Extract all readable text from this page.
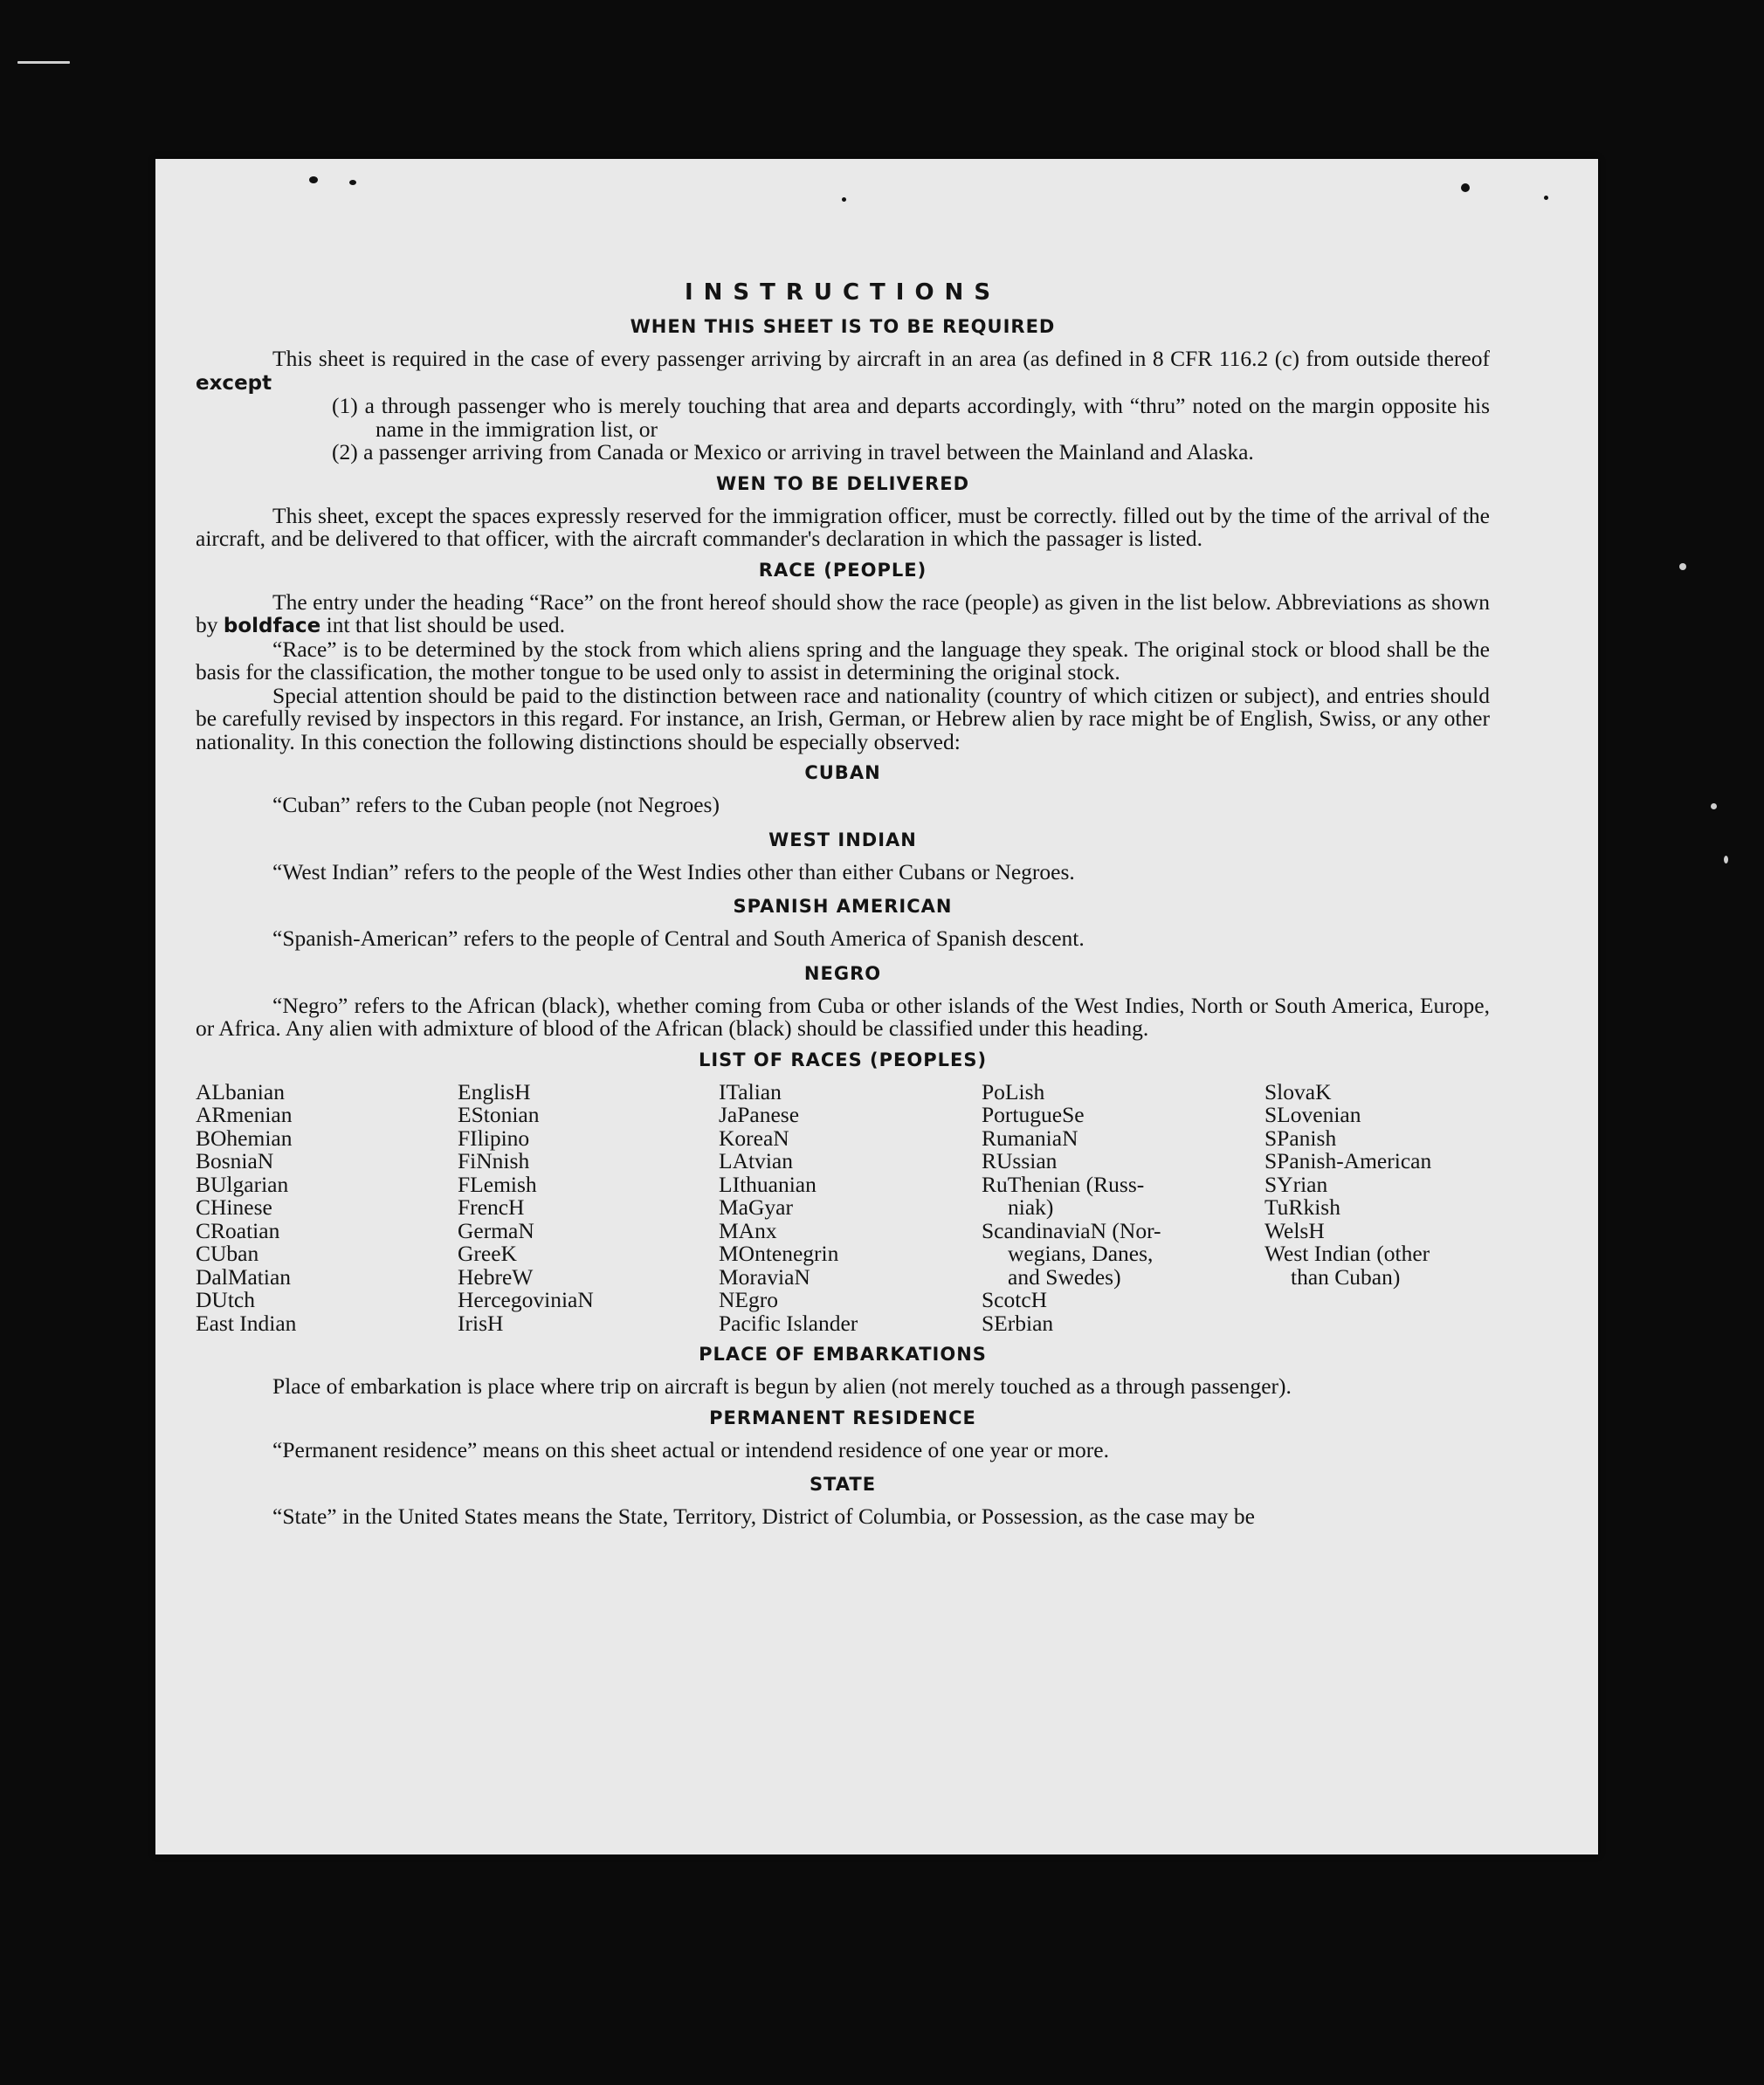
INSTRUCTIONS
WHEN THIS SHEET IS TO BE REQUIRED

This sheet is required in the case of every passenger arriving by aircraft in an area (as defined in 8 CFR 116.2 (c) from outside thereof except

(1) a through passenger who is merely touching that area and departs accordingly, with “thru” noted on the margin opposite his name in the immigration list, or

(2) a passenger arriving from Canada or Mexico or arriving in travel between the Mainland and Alaska.

WEN TO BE DELIVERED

This sheet, except the spaces expressly reserved for the immigration officer, must be correctly. filled out by the time of the arrival of the aircraft, and be delivered to that officer, with the aircraft commander's declaration in which the passager is listed.

RACE (PEOPLE)

The entry under the heading “Race” on the front hereof should show the race (people) as given in the list below. Abbreviations as shown by boldface int that list should be used.

“Race” is to be determined by the stock from which aliens spring and the language they speak. The original stock or blood shall be the basis for the classification, the mother tongue to be used only to assist in determining the original stock.

Special attention should be paid to the distinction between race and nationality (country of which citizen or subject), and entries should be carefully revised by inspectors in this regard. For instance, an Irish, German, or Hebrew alien by race might be of English, Swiss, or any other nationality. In this conection the following distinctions should be especially observed:

CUBAN

“Cuban” refers to the Cuban people (not Negroes)

WEST INDIAN

“West Indian” refers to the people of the West Indies other than either Cubans or Negroes.

SPANISH AMERICAN

“Spanish-American” refers to the people of Central and South America of Spanish descent.

NEGRO

“Negro” refers to the African (black), whether coming from Cuba or other islands of the West Indies, North or South America, Europe, or Africa. Any alien with admixture of blood of the African (black) should be classified under this heading.

LIST OF RACES (PEOPLES)
ALbanian
ARmenian
BOhemian
BosniaN
BUlgarian
CHinese
CRoatian
CUban
DalMatian
DUtch
East Indian
EnglisH
EStonian
FIlipino
FiNnish
FLemish
FrencH
GermaN
GreeK
HebreW
HercegoviniaN
IrisH
ITalian
JaPanese
KoreaN
LAtvian
LIthuanian
MaGyar
MAnx
MOntenegrin
MoraviaN
NEgro
Pacific Islander
PoLish
PortugueSe
RumaniaN
RUssian
RuThenian (Russ-
niak)
ScandinaviaN (Nor-
wegians, Danes,
and Swedes)
ScotcH
SErbian
SlovaK
SLovenian
SPanish
SPanish-American
SYrian
TuRkish
WelsH
West Indian (other
than Cuban)
PLACE OF EMBARKATIONS

Place of embarkation is place where trip on aircraft is begun by alien (not merely touched as a through passenger).

PERMANENT RESIDENCE

“Permanent residence” means on this sheet actual or intendend residence of one year or more.

STATE

“State” in the United States means the State, Territory, District of Columbia, or Possession, as the case may be
